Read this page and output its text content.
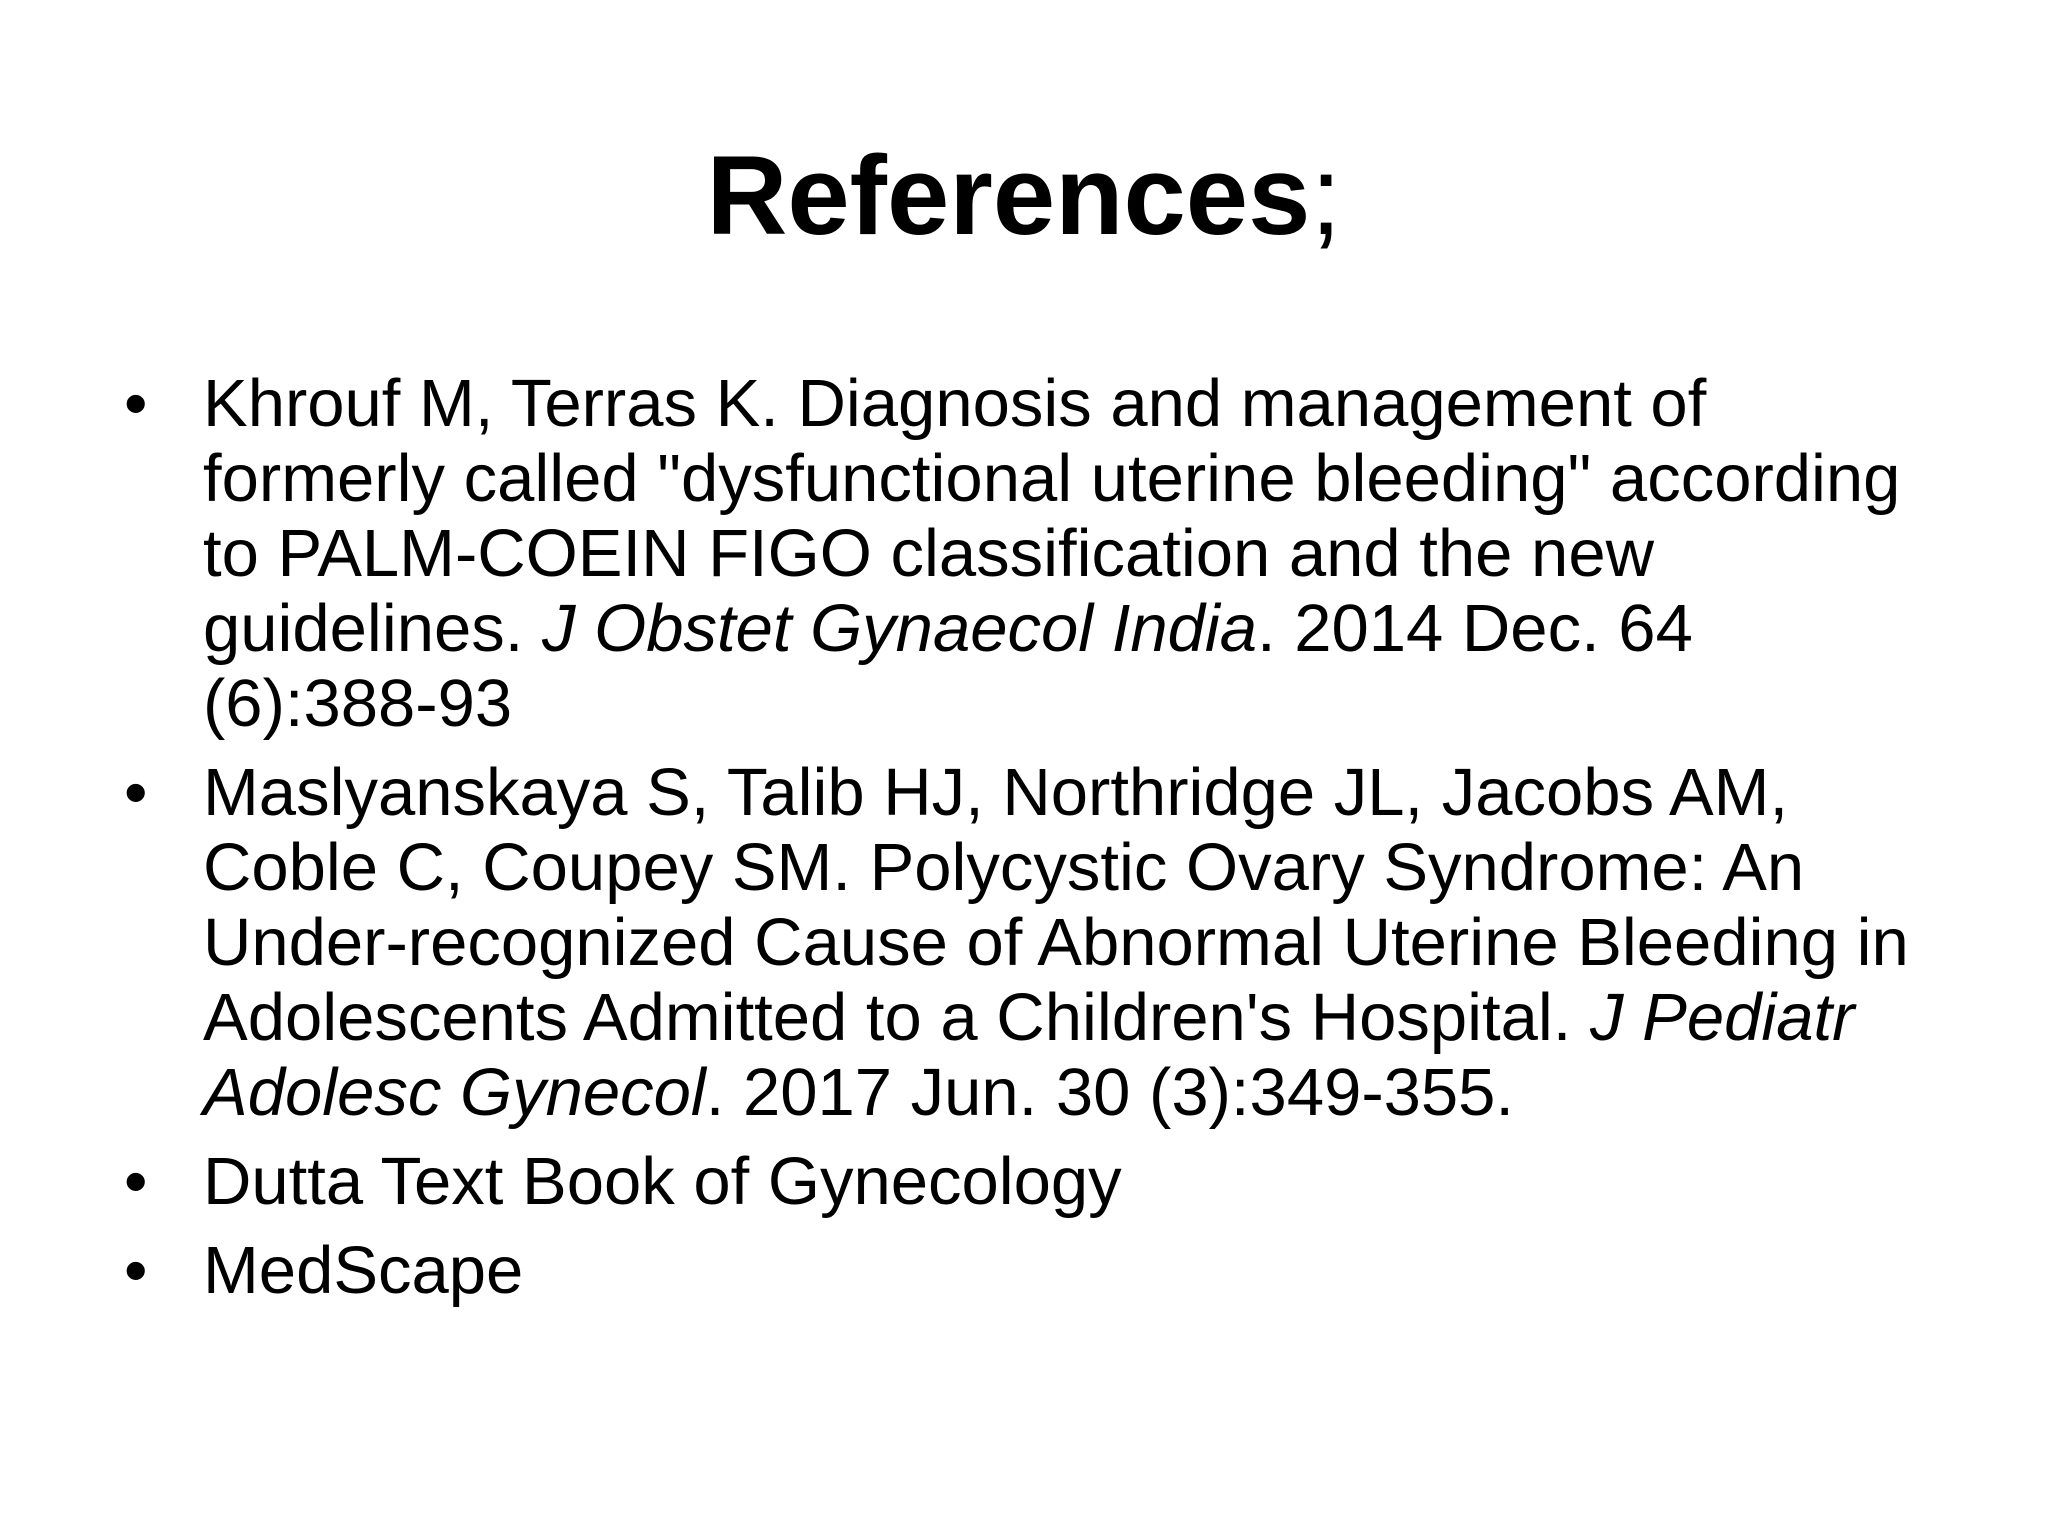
References;
• Khrouf M, Terras K. Diagnosis and management of formerly called "dysfunctional uterine bleeding" according to PALM-COEIN FIGO classification and the new guidelines. J Obstet Gynaecol India. 2014 Dec. 64 (6):388-93
• Maslyanskaya S, Talib HJ, Northridge JL, Jacobs AM, Coble C, Coupey SM. Polycystic Ovary Syndrome: An Under-recognized Cause of Abnormal Uterine Bleeding in Adolescents Admitted to a Children's Hospital. J Pediatr Adolesc Gynecol. 2017 Jun. 30 (3):349-355.
• Dutta Text Book of Gynecology
• MedScape
